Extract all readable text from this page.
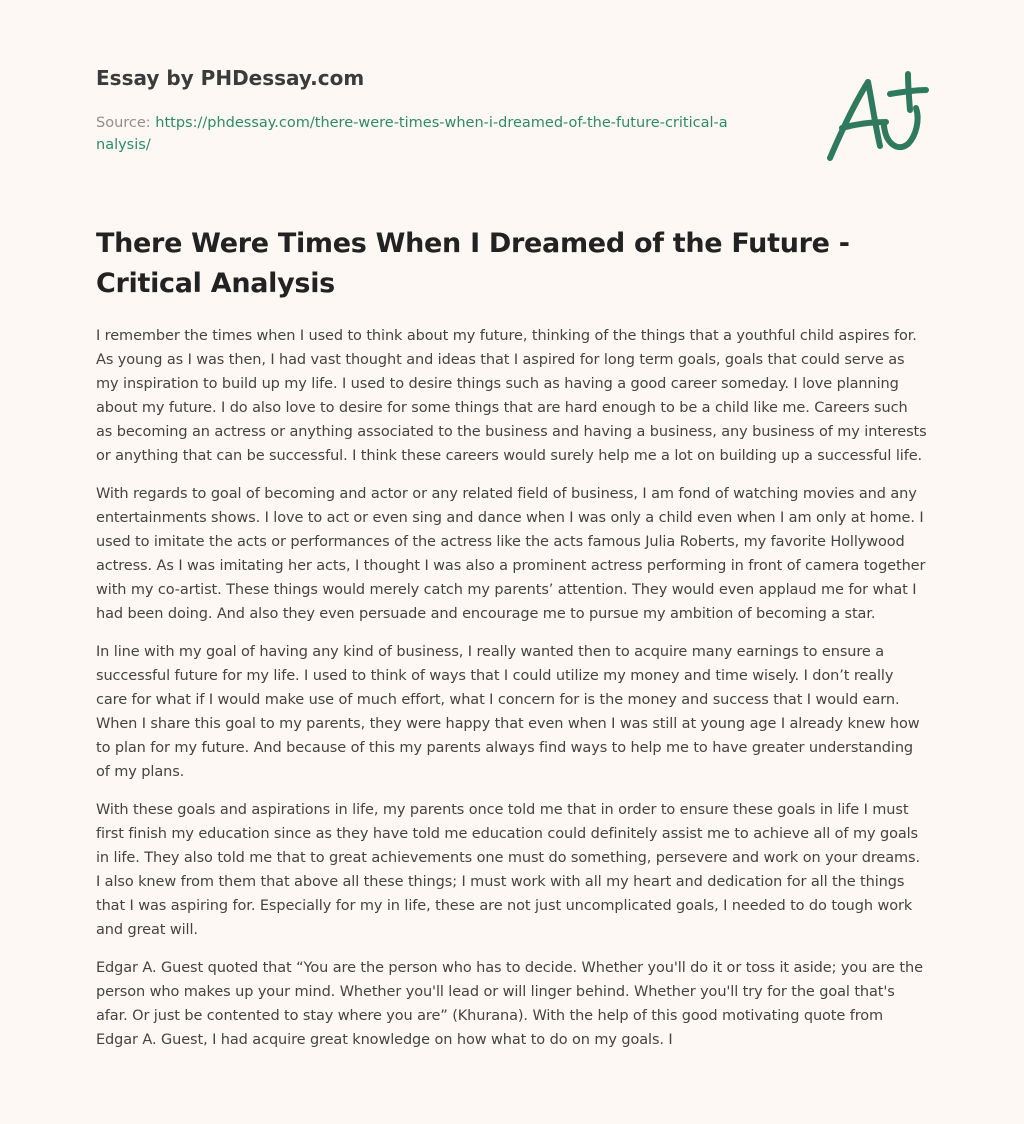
Essay by PHDessay.com
Source: https://phdessay.com/there-were-times-when-i-dreamed-of-the-future-critical-analysis/
A+
There Were Times When I Dreamed of the Future - Critical Analysis

I remember the times when I used to think about my future, thinking of the things that a youthful child aspires for. As young as I was then, I had vast thought and ideas that I aspired for long term goals, goals that could serve as my inspiration to build up my life. I used to desire things such as having a good career someday. I love planning about my future. I do also love to desire for some things that are hard enough to be a child like me. Careers such as becoming an actress or anything associated to the business and having a business, any business of my interests or anything that can be successful. I think these careers would surely help me a lot on building up a successful life.

With regards to goal of becoming and actor or any related field of business, I am fond of watching movies and any entertainments shows. I love to act or even sing and dance when I was only a child even when I am only at home. I used to imitate the acts or performances of the actress like the acts famous Julia Roberts, my favorite Hollywood actress. As I was imitating her acts, I thought I was also a prominent actress performing in front of camera together with my co-artist. These things would merely catch my parents’ attention. They would even applaud me for what I had been doing. And also they even persuade and encourage me to pursue my ambition of becoming a star.

In line with my goal of having any kind of business, I really wanted then to acquire many earnings to ensure a successful future for my life. I used to think of ways that I could utilize my money and time wisely. I don’t really care for what if I would make use of much effort, what I concern for is the money and success that I would earn. When I share this goal to my parents, they were happy that even when I was still at young age I already knew how to plan for my future. And because of this my parents always find ways to help me to have greater understanding of my plans.

With these goals and aspirations in life, my parents once told me that in order to ensure these goals in life I must first finish my education since as they have told me education could definitely assist me to achieve all of my goals in life. They also told me that to great achievements one must do something, persevere and work on your dreams. I also knew from them that above all these things; I must work with all my heart and dedication for all the things that I was aspiring for. Especially for my in life, these are not just uncomplicated goals, I needed to do tough work and great will.

Edgar A. Guest quoted that “You are the person who has to decide. Whether you'll do it or toss it aside; you are the person who makes up your mind. Whether you'll lead or will linger behind. Whether you'll try for the goal that's afar. Or just be contented to stay where you are” (Khurana). With the help of this good motivating quote from Edgar A. Guest, I had acquire great knowledge on how what to do on my goals. I
